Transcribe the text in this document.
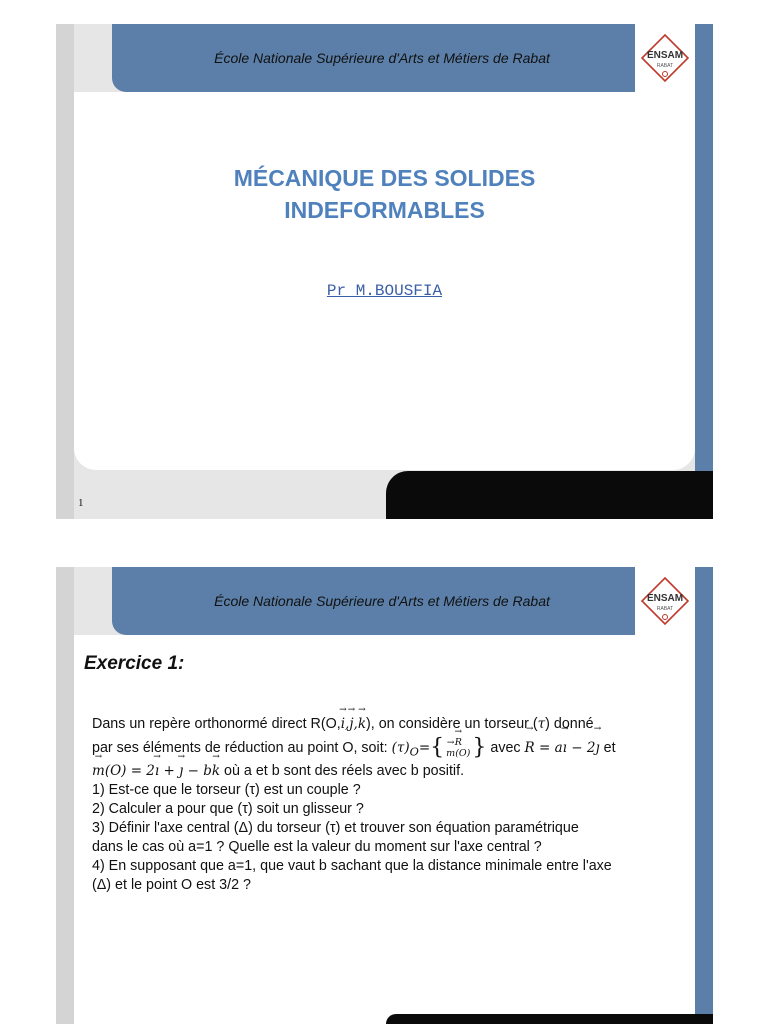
École Nationale Supérieure d'Arts et Métiers de Rabat	ENSAM
RABAT
MÉCANIQUE DES SOLIDES
INDEFORMABLES
Pr M.BOUSFIA
1
École Nationale Supérieure d'Arts et Métiers de Rabat	ENSAM
RABAT
Exercice 1:
Dans un repère orthonormé direct R(O,→ i,→ j,→ k), on considère un torseur (τ) donné
par ses éléments de réduction au point O, soit: $(\tau)_O=${
→ R
→ m(O) } avec → R = a→ ı − 2→ ȷ et
→ m(O) = 2→ ı + → ȷ − b→ k où a et b sont des réels avec b positif.
1) Est-ce que le torseur (τ) est un couple ?
2) Calculer a pour que (τ) soit un glisseur ?
3) Définir l'axe central (Δ) du torseur (τ) et trouver son équation paramétrique
dans le cas où a=1 ? Quelle est la valeur du moment sur l'axe central ?
4) En supposant que a=1, que vaut b sachant que la distance minimale entre l'axe
(Δ) et le point O est 3/2 ?
